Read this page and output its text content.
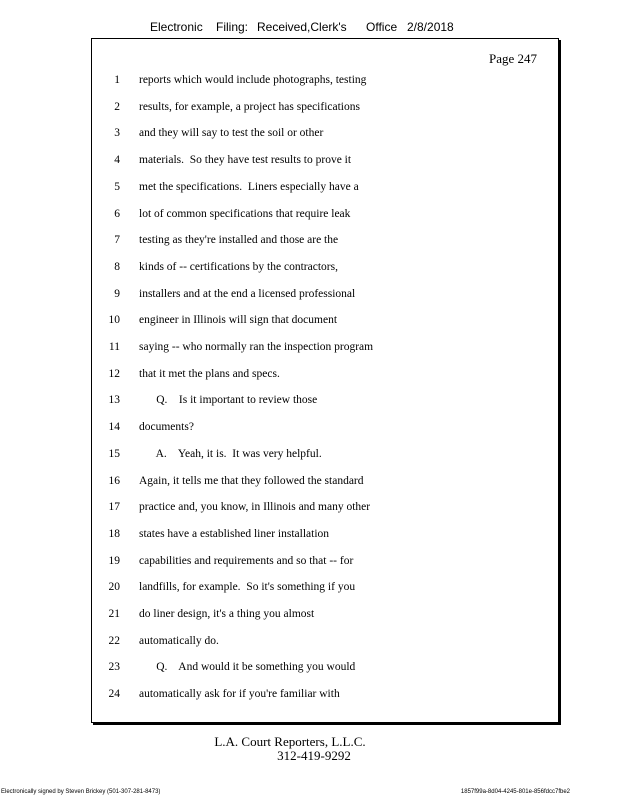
Electronic Filing: Received,Clerk's Office 2/8/2018
Page 247
1 reports which would include photographs, testing
2 results, for example, a project has specifications
3 and they will say to test the soil or other
4 materials.  So they have test results to prove it
5 met the specifications.  Liners especially have a
6 lot of common specifications that require leak
7 testing as they're installed and those are the
8 kinds of -- certifications by the contractors,
9 installers and at the end a licensed professional
10 engineer in Illinois will sign that document
11 saying -- who normally ran the inspection program
12 that it met the plans and specs.
13 Q.    Is it important to review those
14 documents?
15 A.    Yeah, it is.  It was very helpful.
16 Again, it tells me that they followed the standard
17 practice and, you know, in Illinois and many other
18 states have a established liner installation
19 capabilities and requirements and so that -- for
20 landfills, for example.  So it's something if you
21 do liner design, it's a thing you almost
22 automatically do.
23 Q.    And would it be something you would
24 automatically ask for if you're familiar with
L.A. Court Reporters, L.L.C.
312-419-9292
Electronically signed by Steven Brickey (501-307-281-8473)	1857f99a-8d04-4245-801e-856fdcc7fbe2
